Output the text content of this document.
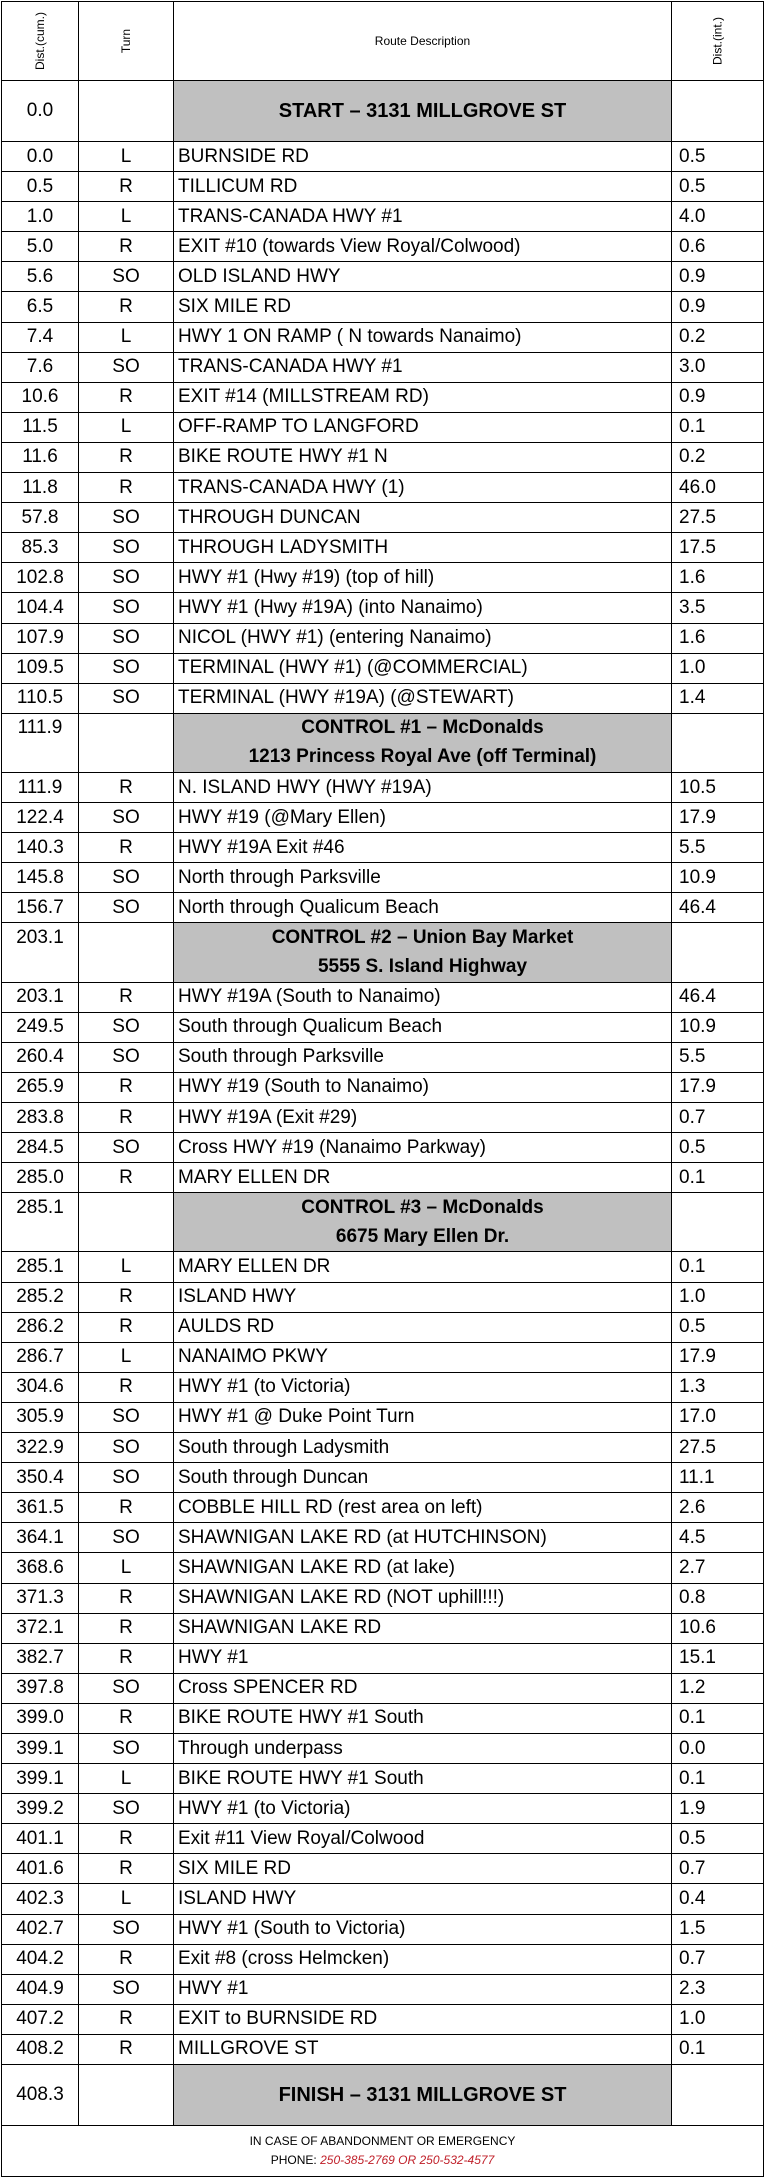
Dist.(cum.)	Turn	Route Description	Dist.(int.)

0.0		START – 3131 MILLGROVE ST	
0.0	L	BURNSIDE RD	0.5
0.5	R	TILLICUM RD	0.5
1.0	L	TRANS-CANADA HWY #1	4.0
5.0	R	EXIT #10 (towards View Royal/Colwood)	0.6
5.6	SO	OLD ISLAND HWY	0.9
6.5	R	SIX MILE RD	0.9
7.4	L	HWY 1 ON RAMP ( N towards Nanaimo)	0.2
7.6	SO	TRANS-CANADA HWY #1	3.0
10.6	R	EXIT #14 (MILLSTREAM RD)	0.9
11.5	L	OFF-RAMP TO LANGFORD	0.1
11.6	R	BIKE ROUTE HWY #1 N	0.2
11.8	R	TRANS-CANADA HWY (1)	46.0
57.8	SO	THROUGH DUNCAN	27.5
85.3	SO	THROUGH LADYSMITH	17.5
102.8	SO	HWY #1 (Hwy #19) (top of hill)	1.6
104.4	SO	HWY #1 (Hwy #19A) (into Nanaimo)	3.5
107.9	SO	NICOL (HWY #1) (entering Nanaimo)	1.6
109.5	SO	TERMINAL (HWY #1) (@COMMERCIAL)	1.0
110.5	SO	TERMINAL (HWY #19A) (@STEWART)	1.4
111.9		CONTROL #1 – McDonalds	
		1213 Princess Royal Ave (off Terminal)	
111.9	R	N. ISLAND HWY (HWY #19A)	10.5
122.4	SO	HWY #19 (@Mary Ellen)	17.9
140.3	R	HWY #19A Exit #46	5.5
145.8	SO	North through Parksville	10.9
156.7	SO	North through Qualicum Beach	46.4
203.1		CONTROL #2 – Union Bay Market	
		5555 S. Island Highway	
203.1	R	HWY #19A (South to Nanaimo)	46.4
249.5	SO	South through Qualicum Beach	10.9
260.4	SO	South through Parksville	5.5
265.9	R	HWY #19 (South to Nanaimo)	17.9
283.8	R	HWY #19A (Exit #29)	0.7
284.5	SO	Cross HWY #19 (Nanaimo Parkway)	0.5
285.0	R	MARY ELLEN DR	0.1
285.1		CONTROL #3 – McDonalds	
		6675 Mary Ellen Dr.	
285.1	L	MARY ELLEN DR	0.1
285.2	R	ISLAND HWY	1.0
286.2	R	AULDS RD	0.5
286.7	L	NANAIMO PKWY	17.9
304.6	R	HWY #1 (to Victoria)	1.3
305.9	SO	HWY #1 @ Duke Point Turn	17.0
322.9	SO	South through Ladysmith	27.5
350.4	SO	South through Duncan	11.1
361.5	R	COBBLE HILL RD (rest area on left)	2.6
364.1	SO	SHAWNIGAN LAKE RD (at HUTCHINSON)	4.5
368.6	L	SHAWNIGAN LAKE RD (at lake)	2.7
371.3	R	SHAWNIGAN LAKE RD (NOT uphill!!!)	0.8
372.1	R	SHAWNIGAN LAKE RD	10.6
382.7	R	HWY #1	15.1
397.8	SO	Cross SPENCER RD	1.2
399.0	R	BIKE ROUTE HWY #1 South	0.1
399.1	SO	Through underpass	0.0
399.1	L	BIKE ROUTE HWY #1 South	0.1
399.2	SO	HWY #1 (to Victoria)	1.9
401.1	R	Exit #11 View Royal/Colwood	0.5
401.6	R	SIX MILE RD	0.7
402.3	L	ISLAND HWY	0.4
402.7	SO	HWY #1 (South to Victoria)	1.5
404.2	R	Exit #8 (cross Helmcken)	0.7
404.9	SO	HWY #1	2.3
407.2	R	EXIT to BURNSIDE RD	1.0
408.2	R	MILLGROVE ST	0.1
408.3		FINISH – 3131 MILLGROVE ST	

IN CASE OF ABANDONMENT OR EMERGENCY
PHONE: 250-385-2769 OR 250-532-4577			
